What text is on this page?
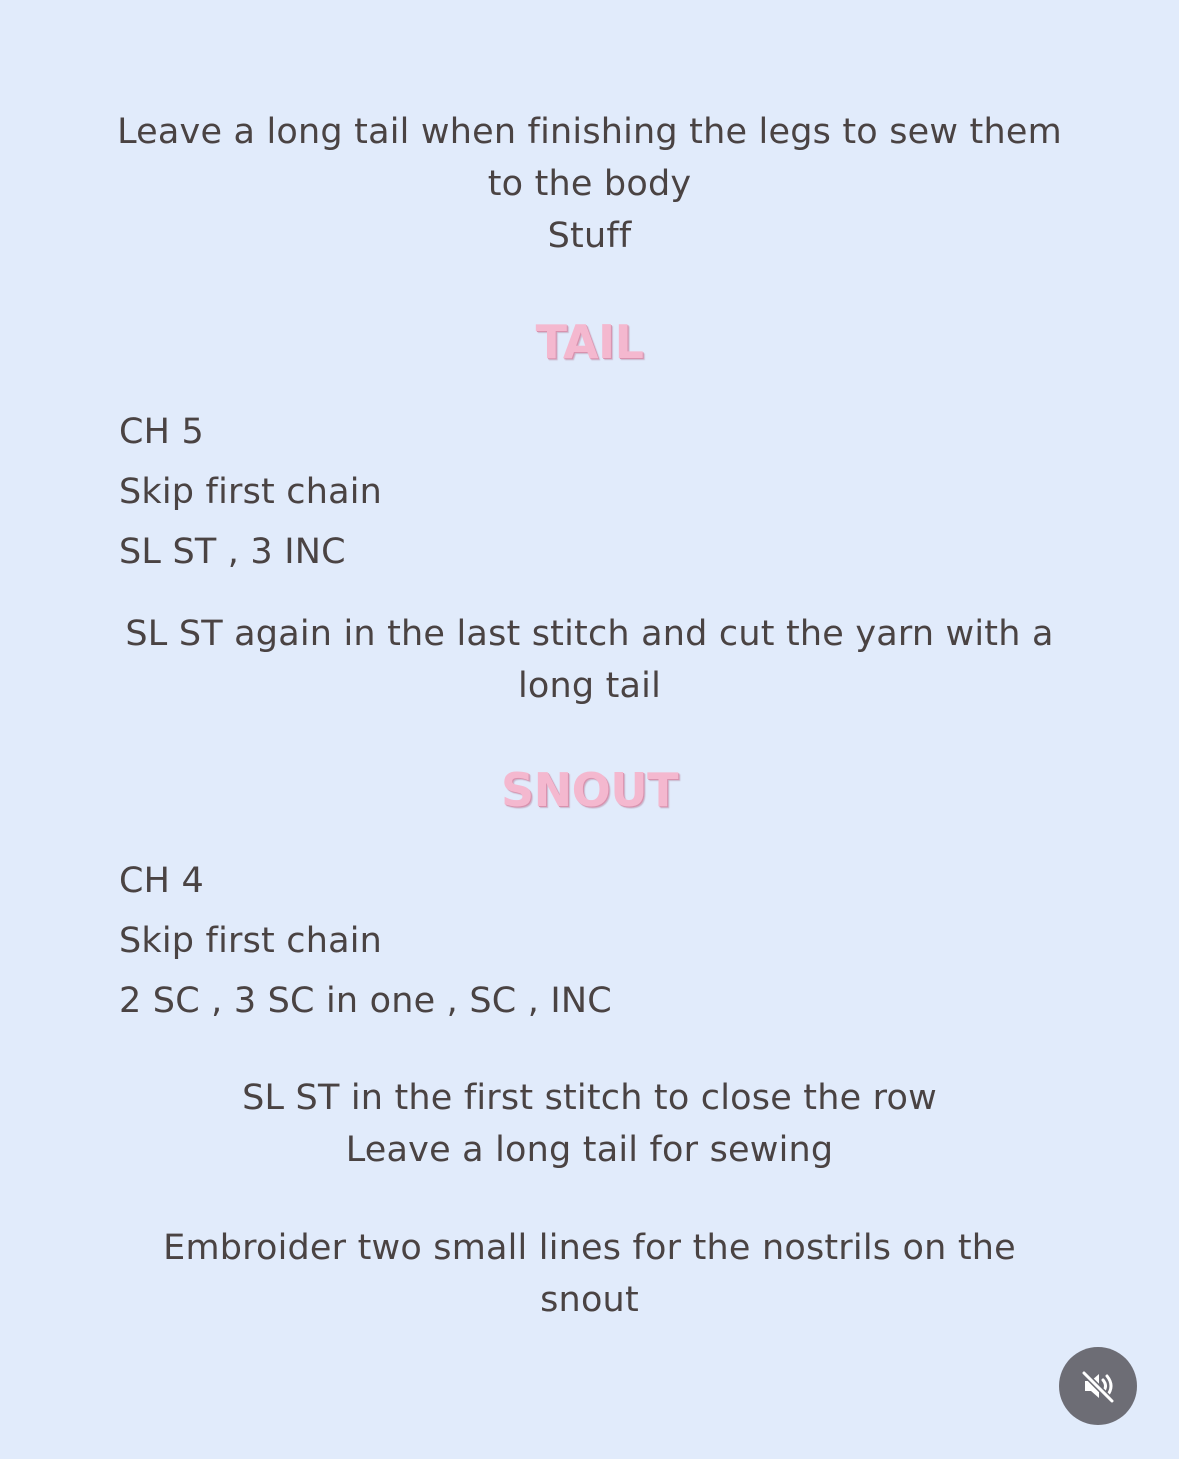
Leave a long tail when finishing the legs to sew them
to the body
Stuff
TAIL
CH 5
Skip first chain
SL ST , 3 INC
SL ST again in the last stitch and cut the yarn with a
long tail
SNOUT
CH 4
Skip first chain
2 SC , 3 SC in one , SC , INC
SL ST in the first stitch to close the row
Leave a long tail for sewing
Embroider two small lines for the nostrils on the
snout
